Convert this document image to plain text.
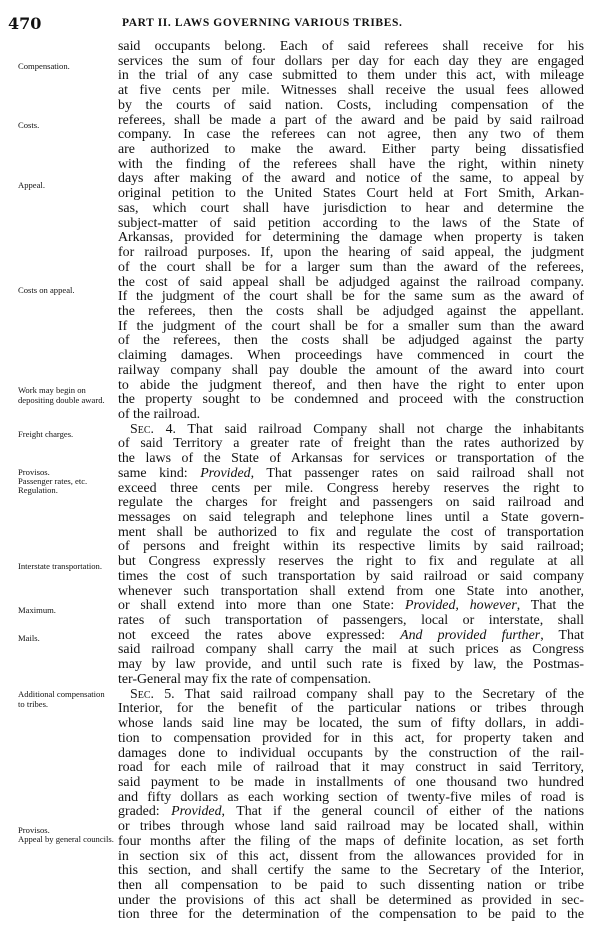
470	PART II. LAWS GOVERNING VARIOUS TRIBES.
Compensation.
Costs.
Appeal.
Costs on appeal.
Work may begin on depositing double award.
Freight charges.
Provisos.
Passenger rates, etc.
Regulation.
Interstate transportation.
Maximum.
Mails.
Additional compensation to tribes.
Provisos.
Appeal by general councils.
said occupants belong. Each of said referees shall receive for his
services the sum of four dollars per day for each day they are engaged
in the trial of any case submitted to them under this act, with mileage
at five cents per mile. Witnesses shall receive the usual fees allowed
by the courts of said nation. Costs, including compensation of the
referees, shall be made a part of the award and be paid by said railroad
company. In case the referees can not agree, then any two of them
are authorized to make the award. Either party being dissatisfied
with the finding of the referees shall have the right, within ninety
days after making of the award and notice of the same, to appeal by
original petition to the United States Court held at Fort Smith, Arkan-
sas, which court shall have jurisdiction to hear and determine the
subject-matter of said petition according to the laws of the State of
Arkansas, provided for determining the damage when property is taken
for railroad purposes. If, upon the hearing of said appeal, the judgment
of the court shall be for a larger sum than the award of the referees,
the cost of said appeal shall be adjudged against the railroad company.
If the judgment of the court shall be for the same sum as the award of
the referees, then the costs shall be adjudged against the appellant.
If the judgment of the court shall be for a smaller sum than the award
of the referees, then the costs shall be adjudged against the party
claiming damages. When proceedings have commenced in court the
railway company shall pay double the amount of the award into court
to abide the judgment thereof, and then have the right to enter upon
the property sought to be condemned and proceed with the construction
of the railroad.
Sec. 4. That said railroad Company shall not charge the inhabitants
of said Territory a greater rate of freight than the rates authorized by
the laws of the State of Arkansas for services or transportation of the
same kind: Provided, That passenger rates on said railroad shall not
exceed three cents per mile. Congress hereby reserves the right to
regulate the charges for freight and passengers on said railroad and
messages on said telegraph and telephone lines until a State govern-
ment shall be authorized to fix and regulate the cost of transportation
of persons and freight within its respective limits by said railroad;
but Congress expressly reserves the right to fix and regulate at all
times the cost of such transportation by said railroad or said company
whenever such transportation shall extend from one State into another,
or shall extend into more than one State: Provided, however, That the
rates of such transportation of passengers, local or interstate, shall
not exceed the rates above expressed: And provided further, That
said railroad company shall carry the mail at such prices as Congress
may by law provide, and until such rate is fixed by law, the Postmas-
ter-General may fix the rate of compensation.
Sec. 5. That said railroad company shall pay to the Secretary of the
Interior, for the benefit of the particular nations or tribes through
whose lands said line may be located, the sum of fifty dollars, in addi-
tion to compensation provided for in this act, for property taken and
damages done to individual occupants by the construction of the rail-
road for each mile of railroad that it may construct in said Territory,
said payment to be made in installments of one thousand two hundred
and fifty dollars as each working section of twenty-five miles of road is
graded: Provided, That if the general council of either of the nations
or tribes through whose land said railroad may be located shall, within
four months after the filing of the maps of definite location, as set forth
in section six of this act, dissent from the allowances provided for in
this section, and shall certify the same to the Secretary of the Interior,
then all compensation to be paid to such dissenting nation or tribe
under the provisions of this act shall be determined as provided in sec-
tion three for the determination of the compensation to be paid to the
